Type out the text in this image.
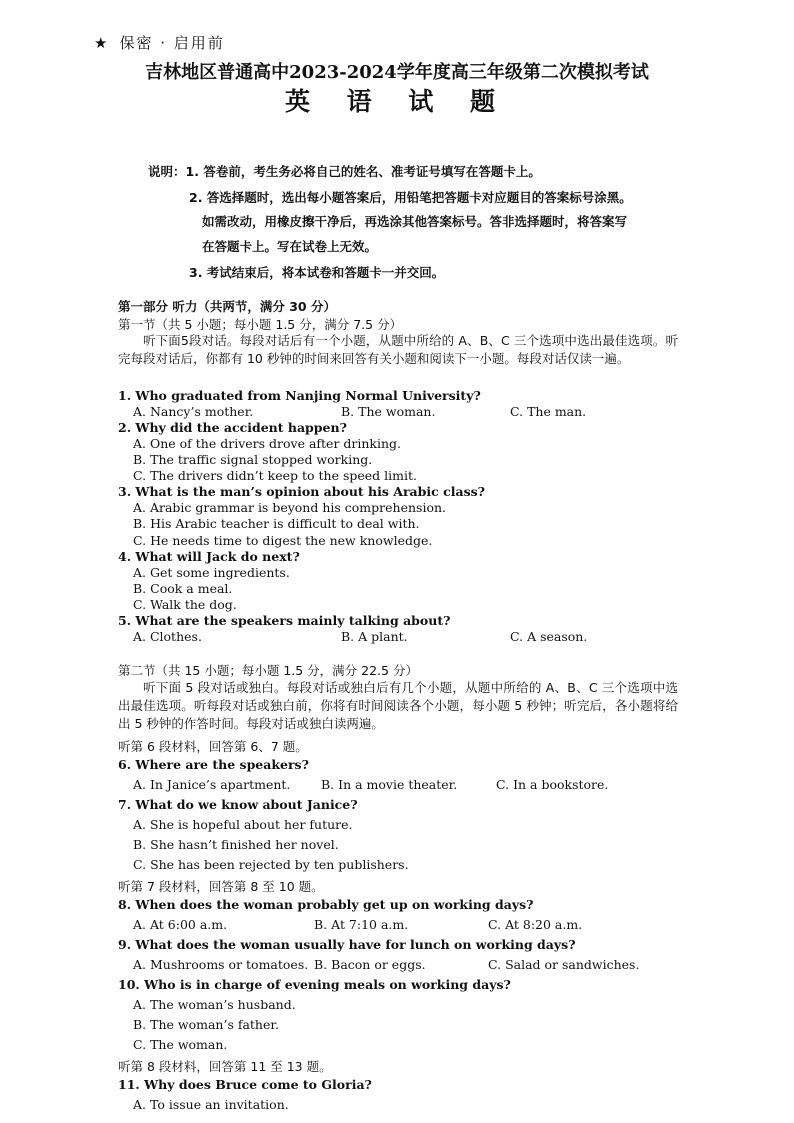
★ 保密 · 启用前
吉林地区普通高中2023-2024学年度高三年级第二次模拟考试
英 语 试 题
说明：1. 答卷前，考生务必将自己的姓名、准考证号填写在答题卡上。
2. 答选择题时，选出每小题答案后，用铅笔把答题卡对应题目的答案标号涂黑。
如需改动，用橡皮擦干净后，再选涂其他答案标号。答非选择题时，将答案写
在答题卡上。写在试卷上无效。
3. 考试结束后，将本试卷和答题卡一并交回。
第一部分 听力（共两节，满分 30 分）
第一节（共 5 小题；每小题 1.5 分，满分 7.5 分）
听下面5段对话。每段对话后有一个小题，从题中所给的 A、B、C 三个选项中选出最佳选项。听完每段对话后，你都有 10 秒钟的时间来回答有关小题和阅读下一小题。每段对话仅读一遍。
1. Who graduated from Nanjing Normal University?
A. Nancy’s mother.	B. The woman.	C. The man.
2. Why did the accident happen?
A. One of the drivers drove after drinking.
B. The traffic signal stopped working.
C. The drivers didn’t keep to the speed limit.
3. What is the man’s opinion about his Arabic class?
A. Arabic grammar is beyond his comprehension.
B. His Arabic teacher is difficult to deal with.
C. He needs time to digest the new knowledge.
4. What will Jack do next?
A. Get some ingredients.
B. Cook a meal.
C. Walk the dog.
5. What are the speakers mainly talking about?
A. Clothes.	B. A plant.	C. A season.
第二节（共 15 小题；每小题 1.5 分，满分 22.5 分）
听下面 5 段对话或独白。每段对话或独白后有几个小题，从题中所给的 A、B、C 三个选项中选出最佳选项。听每段对话或独白前，你将有时间阅读各个小题，每小题 5 秒钟；听完后，各小题将给出 5 秒钟的作答时间。每段对话或独白读两遍。
听第 6 段材料，回答第 6、7 题。
6. Where are the speakers?
A. In Janice’s apartment. B. In a movie theater.	C. In a bookstore.
7. What do we know about Janice?
A. She is hopeful about her future.
B. She hasn’t finished her novel.
C. She has been rejected by ten publishers.
听第 7 段材料，回答第 8 至 10 题。
8. When does the woman probably get up on working days?
A. At 6:00 a.m.	B. At 7:10 a.m.	C. At 8:20 a.m.
9. What does the woman usually have for lunch on working days?
A. Mushrooms or tomatoes. B. Bacon or eggs.	C. Salad or sandwiches.
10. Who is in charge of evening meals on working days?
A. The woman’s husband.
B. The woman’s father.
C. The woman.
听第 8 段材料，回答第 11 至 13 题。
11. Why does Bruce come to Gloria?
A. To issue an invitation.
